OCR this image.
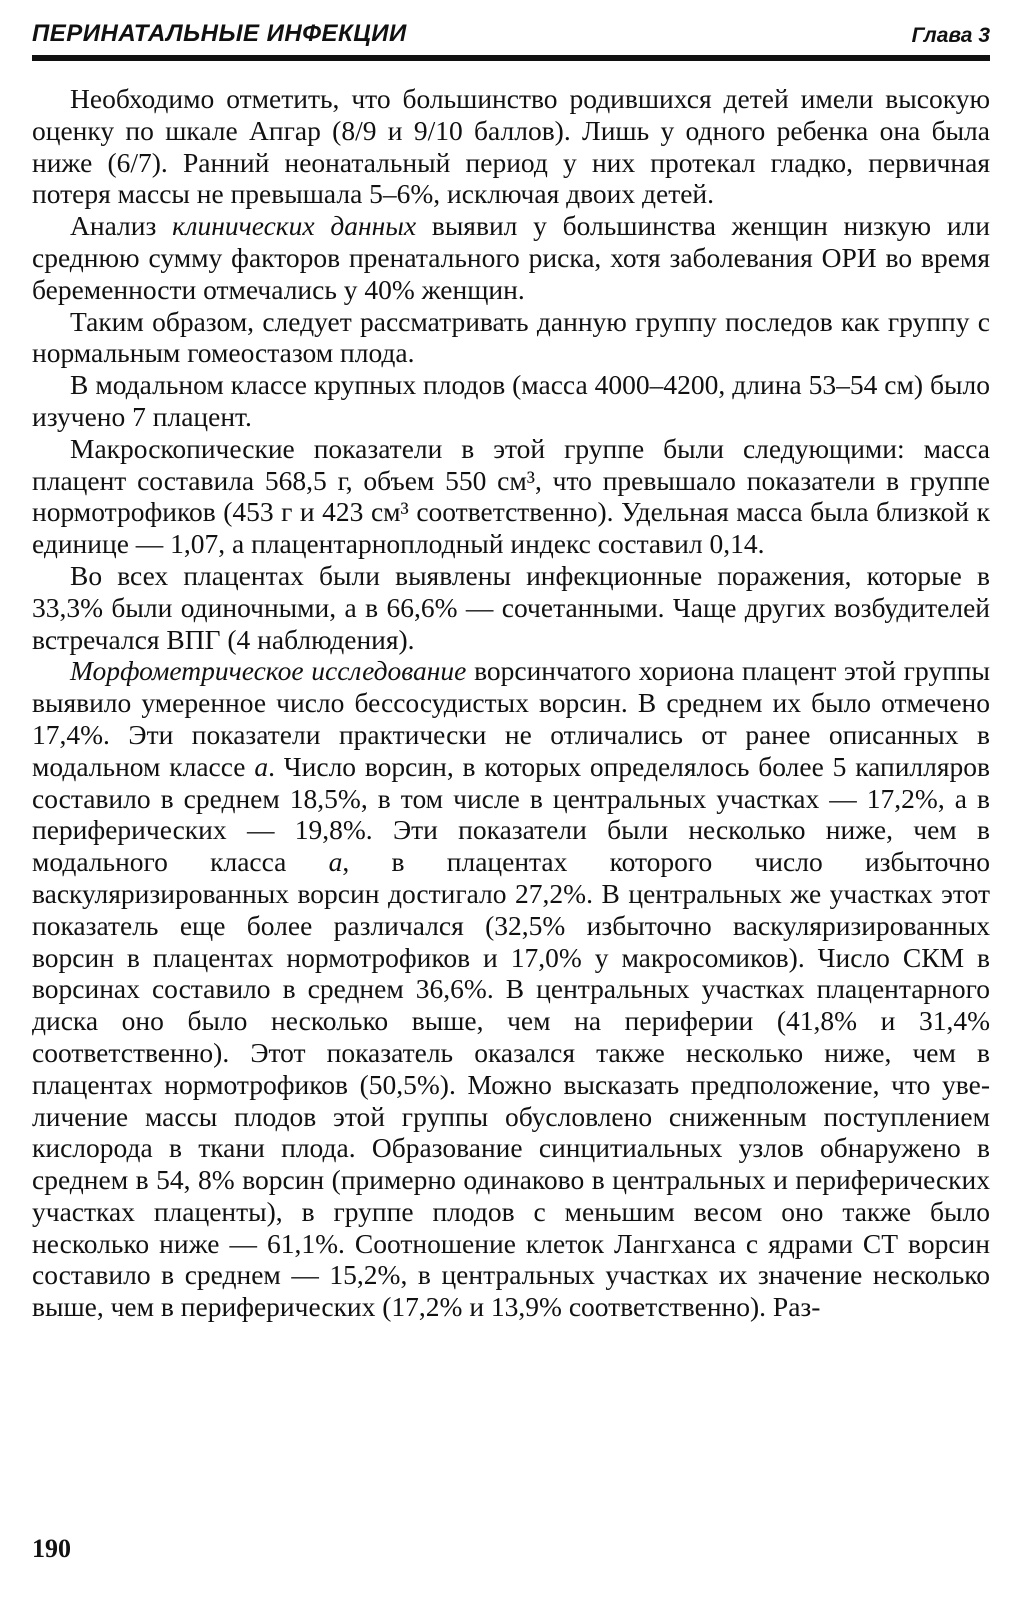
ПЕРИНАТАЛЬНЫЕ ИНФЕКЦИИ	Глава 3

Необходимо отметить, что большинство родившихся детей имели высокую оценку по шкале Апгар (8/9 и 9/10 баллов). Лишь у одного ребенка она была ниже (6/7). Ранний неонатальный период у них протекал гладко, первичная потеря массы не превышала 5–6%, исключая двоих детей.

Анализ клинических данных выявил у большинства женщин низкую или среднюю сумму факторов пренатального риска, хотя заболевания ОРИ во время беременности отмечались у 40% женщин.

Таким образом, следует рассматривать данную группу последов как группу с нормальным гомеостазом плода.

В модальном классе крупных плодов (масса 4000–4200, длина 53–54 см) было изучено 7 плацент.

Макроскопические показатели в этой группе были следующими: масса плацент составила 568,5 г, объем 550 см³, что превышало показатели в группе нормотрофиков (453 г и 423 см³ соответственно). Удельная масса была близкой к единице — 1,07, а плацентарноплодный индекс составил 0,14.

Во всех плацентах были выявлены инфекционные поражения, которые в 33,3% были одиночными, а в 66,6% — сочетанными. Чаще других возбудителей встречался ВПГ (4 наблюдения).

Морфометрическое исследование ворсинчатого хориона плацент этой группы выявило умеренное число бессосудистых ворсин. В среднем их было отмечено 17,4%. Эти показатели практически не отличались от ранее описанных в модальном классе а. Число ворсин, в которых определялось более 5 капилляров составило в среднем 18,5%, в том числе в центральных участках — 17,2%, а в периферических — 19,8%. Эти показатели были несколько ниже, чем в модального класса а, в плацентах которого число избыточно васкуляризированных ворсин достигало 27,2%. В центральных же участках этот показатель еще более различался (32,5% избыточно васкуляризированных ворсин в плацентах нормотрофиков и 17,0% у макросомиков). Число СКМ в ворсинах составило в среднем 36,6%. В центральных участках плацентарного диска оно было несколько выше, чем на периферии (41,8% и 31,4% соответственно). Этот показатель оказался также несколько ниже, чем в плацентах нормотрофиков (50,5%). Можно высказать предположение, что увеличение массы плодов этой группы обусловлено сниженным поступлением кислорода в ткани плода. Образование синцитиальных узлов обнаружено в среднем в 54, 8% ворсин (примерно одинаково в центральных и периферических участках плаценты), в группе плодов с меньшим весом оно также было несколько ниже — 61,1%. Соотношение клеток Лангханса с ядрами СТ ворсин составило в среднем — 15,2%, в центральных участках их значение несколько выше, чем в периферических (17,2% и 13,9% соответственно). Раз-

190
